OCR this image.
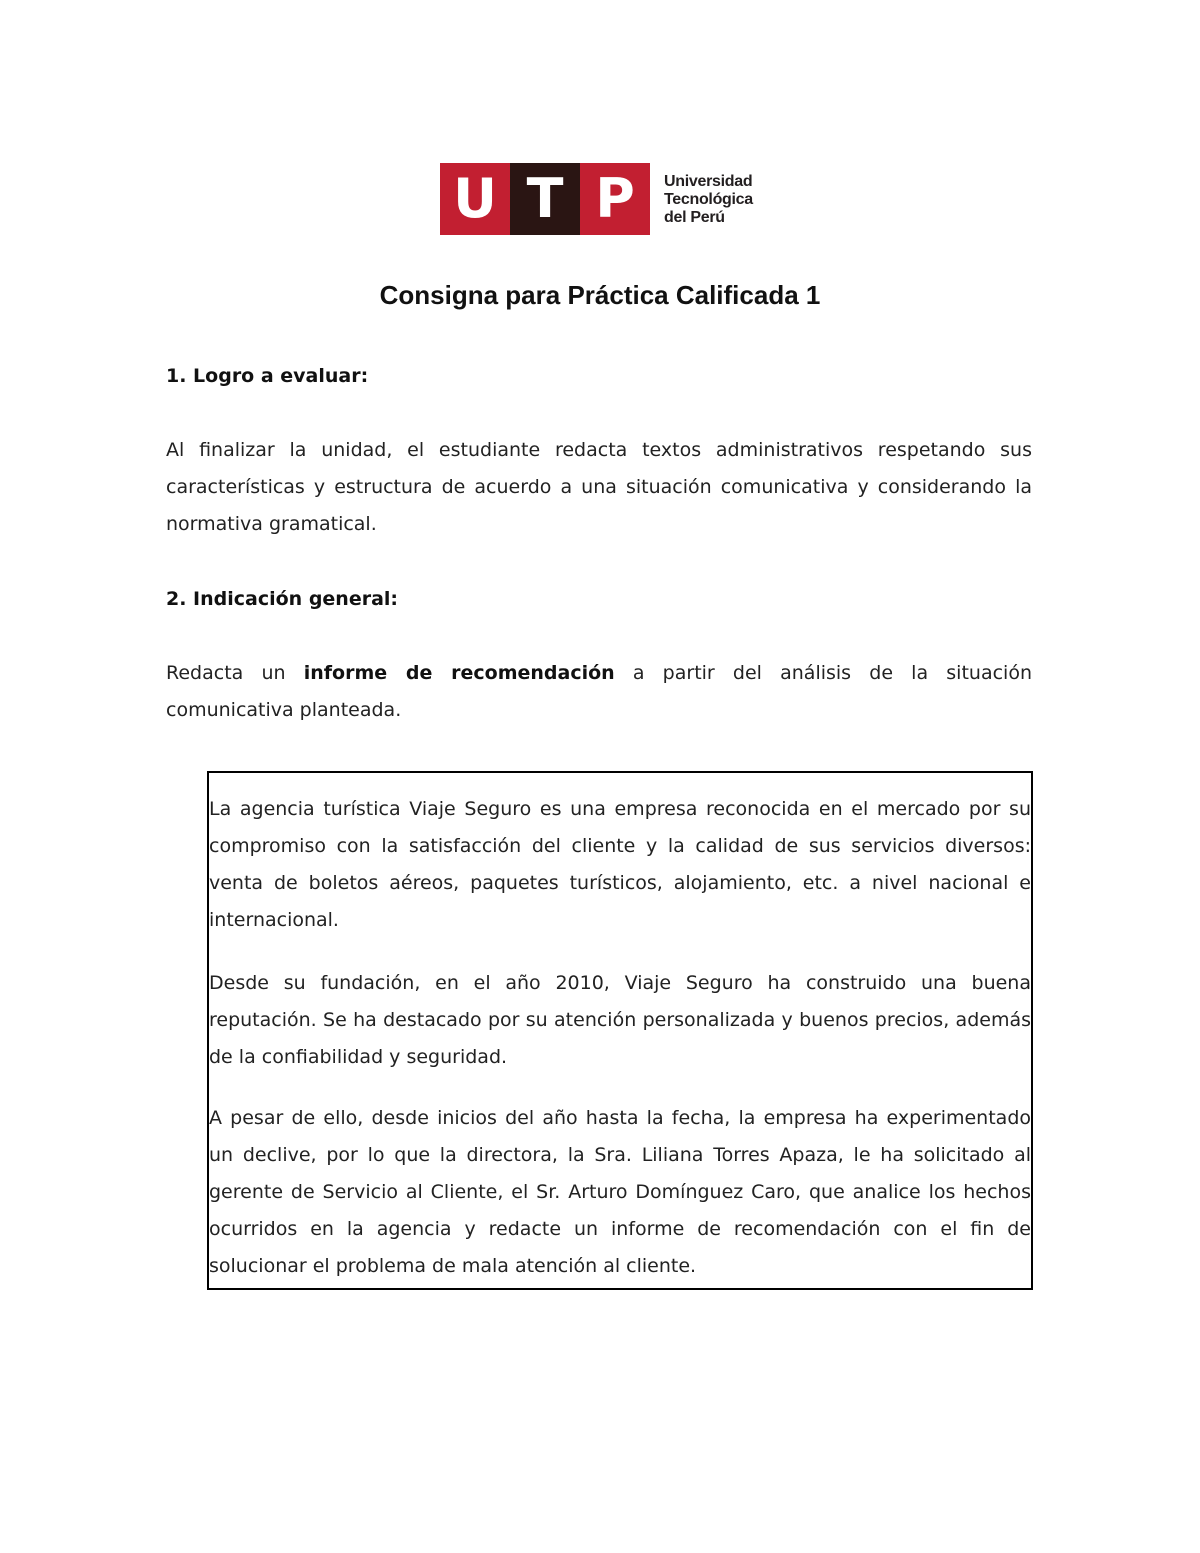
U T P	Universidad
Tecnológica
del Perú
Consigna para Práctica Calificada 1
1. Logro a evaluar:

Al finalizar la unidad, el estudiante redacta textos administrativos respetando sus características y estructura de acuerdo a una situación comunicativa y considerando la normativa gramatical.

2. Indicación general:

Redacta un informe de recomendación a partir del análisis de la situación comunicativa planteada.

La agencia turística Viaje Seguro es una empresa reconocida en el mercado por su compromiso con la satisfacción del cliente y la calidad de sus servicios diversos: venta de boletos aéreos, paquetes turísticos, alojamiento, etc. a nivel nacional e internacional.

Desde su fundación, en el año 2010, Viaje Seguro ha construido una buena reputación. Se ha destacado por su atención personalizada y buenos precios, además de la confiabilidad y seguridad.

A pesar de ello, desde inicios del año hasta la fecha, la empresa ha experimentado un declive, por lo que la directora, la Sra. Liliana Torres Apaza, le ha solicitado al gerente de Servicio al Cliente, el Sr. Arturo Domínguez Caro, que analice los hechos ocurridos en la agencia y redacte un informe de recomendación con el fin de solucionar el problema de mala atención al cliente.
